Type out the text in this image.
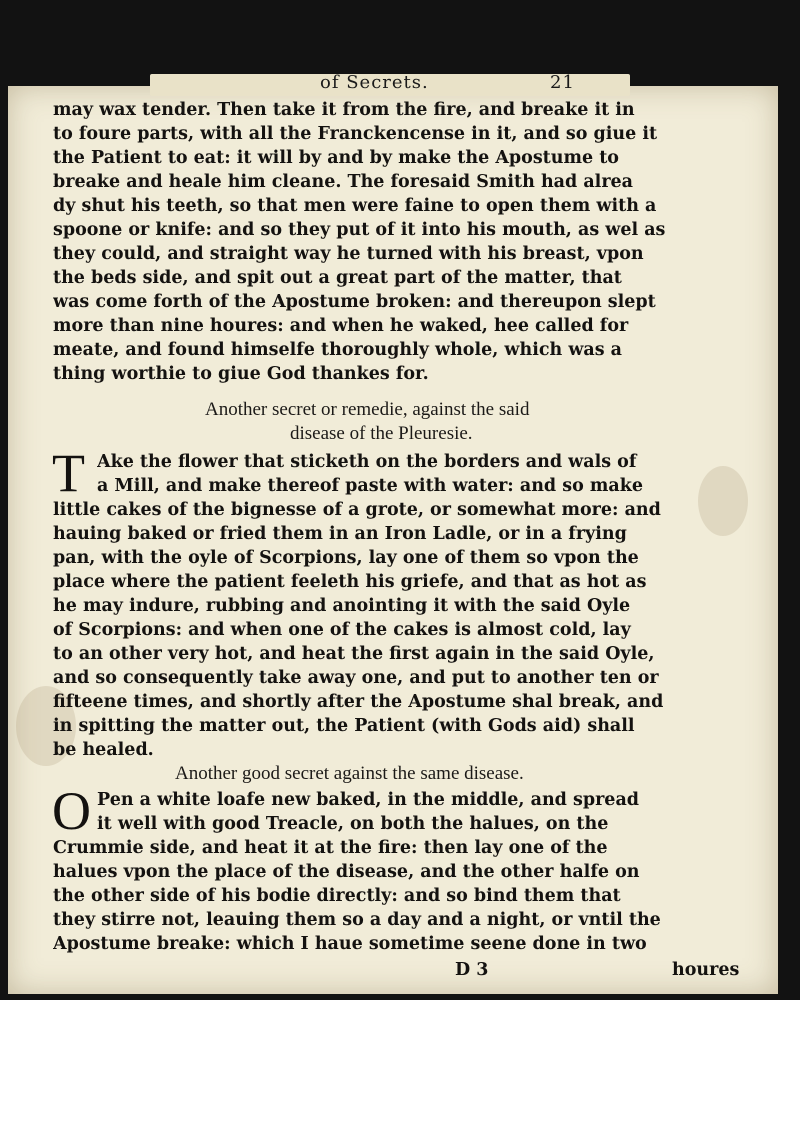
of Secrets.	21
may wax tender. Then take it from the fire, and breake it in
to foure parts, with all the Franckencense in it, and so giue it
the Patient to eat: it will by and by make the Apostume to
breake and heale him cleane. The foresaid Smith had alrea
dy shut his teeth, so that men were faine to open them with a
spoone or knife: and so they put of it into his mouth, as wel as
they could, and straight way he turned with his breast, vpon
the beds side, and spit out a great part of the matter, that
was come forth of the Apostume broken: and thereupon slept
more than nine houres: and when he waked, hee called for
meate, and found himselfe thoroughly whole, which was a
thing worthie to giue God thankes for.
Another secret or remedie, against the said
disease of the Pleuresie.
T Ake the flower that sticketh on the borders and wals of
a Mill, and make thereof paste with water: and so make
little cakes of the bignesse of a grote, or somewhat more: and
hauing baked or fried them in an Iron Ladle, or in a frying
pan, with the oyle of Scorpions, lay one of them so vpon the
place where the patient feeleth his griefe, and that as hot as
he may indure, rubbing and anointing it with the said Oyle
of Scorpions: and when one of the cakes is almost cold, lay
to an other very hot, and heat the first again in the said Oyle,
and so consequently take away one, and put to another ten or
fifteene times, and shortly after the Apostume shal break, and
in spitting the matter out, the Patient (with Gods aid) shall
be healed.
Another good secret against the same disease.
O Pen a white loafe new baked, in the middle, and spread
it well with good Treacle, on both the halues, on the
Crummie side, and heat it at the fire: then lay one of the
halues vpon the place of the disease, and the other halfe on
the other side of his bodie directly: and so bind them that
they stirre not, leauing them so a day and a night, or vntil the
Apostume breake: which I haue sometime seene done in two
D 3	houres
